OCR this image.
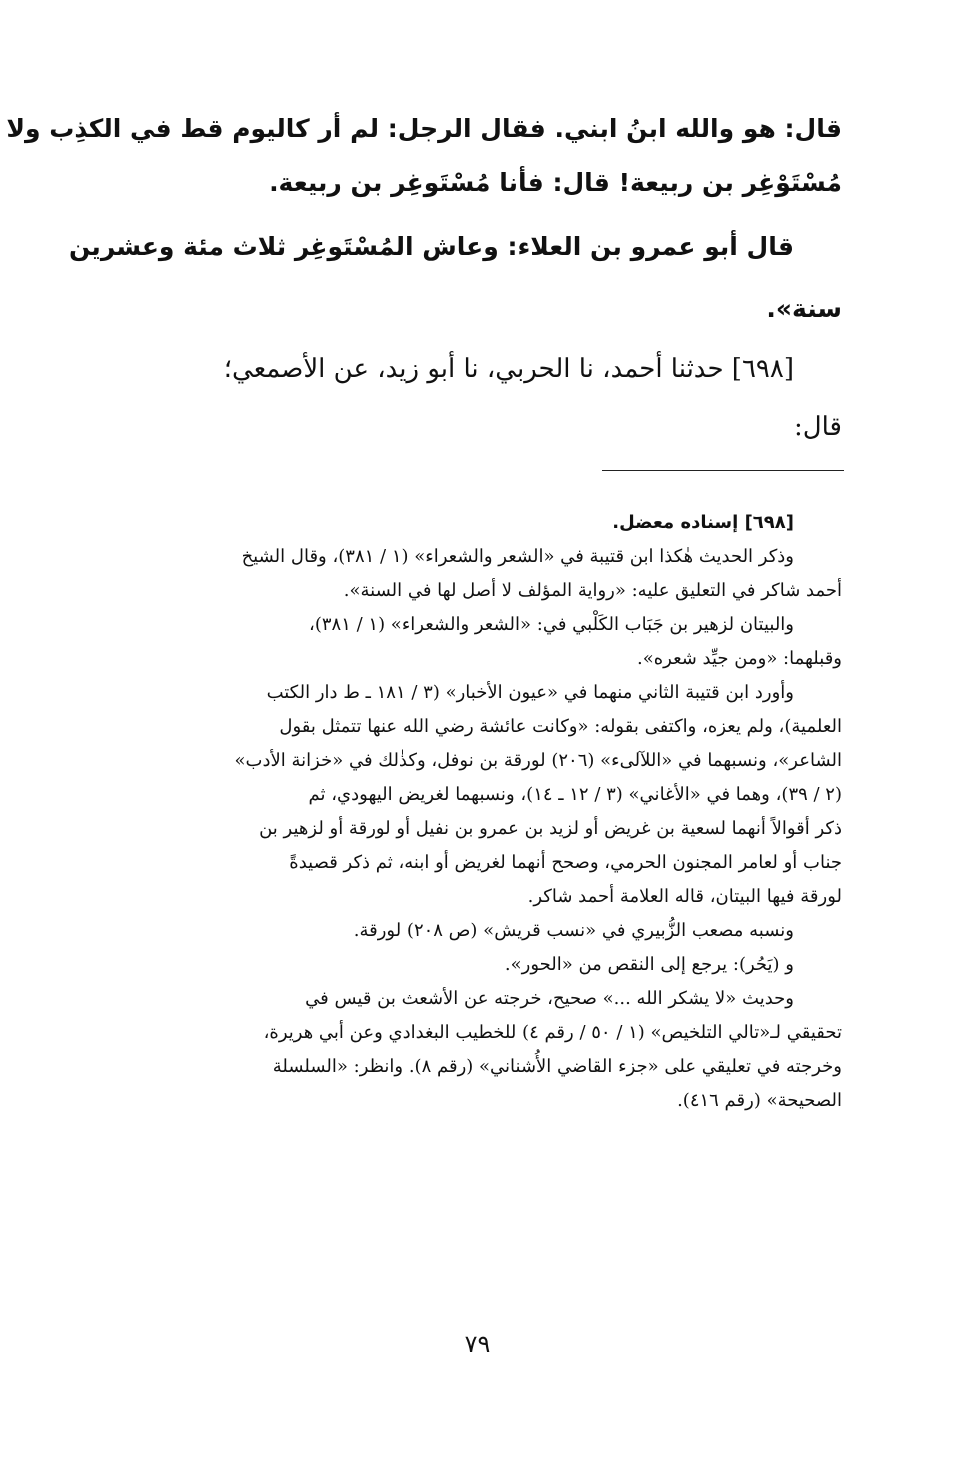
قال: هو والله ابنُ ابني. فقال الرجل: لم أر كاليوم قط في الكذِب ولا
مُسْتَوْغِر بن ربيعة! قال: فأنا مُسْتَوغِر بن ربيعة.
قال أبو عمرو بن العلاء: وعاش المُسْتَوغِر ثلاث مئة وعشرين
سنة».
[٦٩٨] حدثنا أحمد، نا الحربي، نا أبو زيد، عن الأصمعي؛
قال:
[٦٩٨] إسناده معضل.
وذكر الحديث هٰكذا ابن قتيبة في «الشعر والشعراء» (١ / ٣٨١)، وقال الشيخ
أحمد شاكر في التعليق عليه: «رواية المؤلف لا أصل لها في السنة».
والبيتان لزهير بن جَبَاب الكَلْبي في: «الشعر والشعراء» (١ / ٣٨١)،
وقبلهما: «ومن جيِّد شعره».
وأورد ابن قتيبة الثاني منهما في «عيون الأخبار» (٣ / ١٨١ ـ ط دار الكتب
العلمية)، ولم يعزه، واكتفى بقوله: «وكانت عائشة رضي الله عنها تتمثل بقول
الشاعر»، ونسبهما في «اللآلىء» (٢٠٦) لورقة بن نوفل، وكذٰلك في «خزانة الأدب»
(٢ / ٣٩)، وهما في «الأغاني» (٣ / ١٢ ـ ١٤)، ونسبهما لغريض اليهودي، ثم
ذكر أقوالاً أنهما لسعية بن غريض أو لزيد بن عمرو بن نفيل أو لورقة أو لزهير بن
جناب أو لعامر المجنون الحرمي، وصحح أنهما لغريض أو ابنه، ثم ذكر قصيدةً
لورقة فيها البيتان، قاله العلامة أحمد شاكر.
ونسبه مصعب الزُّبيري في «نسب قريش» (ص ٢٠٨) لورقة.
و (يَحُر): يرجع إلى النقص من «الحور».
وحديث «لا يشكر الله ...» صحيح، خرجته عن الأشعث بن قيس في
تحقيقي لـ«تالي التلخيص» (١ / ٥٠ / رقم ٤) للخطيب البغدادي وعن أبي هريرة،
وخرجته في تعليقي على «جزء القاضي الأُشناني» (رقم ٨). وانظر: «السلسلة
الصحيحة» (رقم ٤١٦).
٧٩
